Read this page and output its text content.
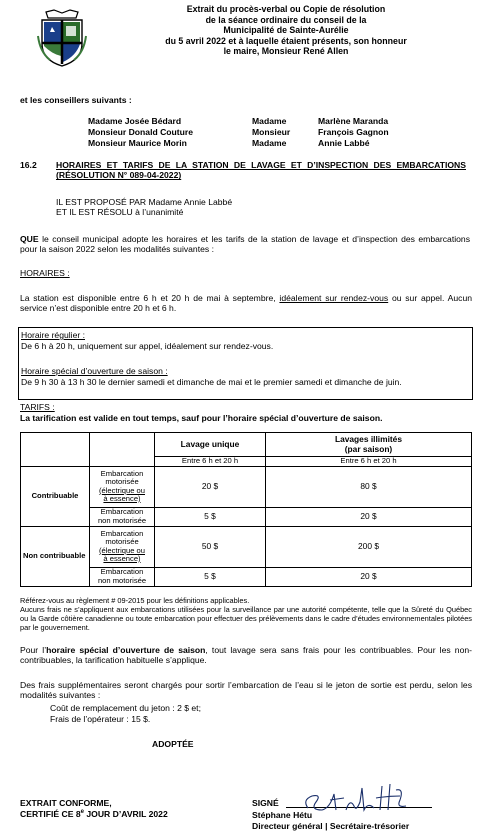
Extrait du procès-verbal ou Copie de résolution
de la séance ordinaire du conseil de la
Municipalité de Sainte-Aurélie
du 5 avril 2022 et à laquelle étaient présents, son honneur
le maire, Monsieur René Allen
et les conseillers suivants :
Madame Josée Bédard	Madame	Marlène Maranda
Monsieur Donald Couture	Monsieur	François Gagnon
Monsieur Maurice Morin	Madame	Annie Labbé
16.2 HORAIRES ET TARIFS DE LA STATION DE LAVAGE ET D’INSPECTION DES EMBARCATIONS (RÉSOLUTION N° 089-04-2022)
IL EST PROPOSÉ PAR Madame Annie Labbé
ET IL EST RÉSOLU à l’unanimité
QUE le conseil municipal adopte les horaires et les tarifs de la station de lavage et d’inspection des embarcations pour la saison 2022 selon les modalités suivantes :
HORAIRES :
La station est disponible entre 6 h et 20 h de mai à septembre, idéalement sur rendez-vous ou sur appel. Aucun service n’est disponible entre 20 h et 6 h.
Horaire régulier :
De 6 h à 20 h, uniquement sur appel, idéalement sur rendez-vous.
Horaire spécial d’ouverture de saison :
De 9 h 30 à 13 h 30 le dernier samedi et dimanche de mai et le premier samedi et dimanche de juin.
TARIFS :
La tarification est valide en tout temps, sauf pour l’horaire spécial d’ouverture de saison.
		Lavage unique	Lavages illimités
(par saison)

		Entre 6 h et 20 h	Entre 6 h et 20 h
Contribuable	Embarcation
motorisée
(électrique ou
à essence)	20 $	80 $

	Embarcation
non motorisée	5 $	20 $
Non contribuable	Embarcation
motorisée
(électrique ou
à essence)	50 $	200 $

	Embarcation
non motorisée	5 $	20 $
Référez-vous au règlement # 09-2015 pour les définitions applicables.
Aucuns frais ne s’appliquent aux embarcations utilisées pour la surveillance par une autorité compétente, telle que la Sûreté du Québec ou la Garde côtière canadienne ou toute embarcation pour effectuer des prélèvements dans le cadre d’études environnementales pilotées par le gouvernement.
Pour l’horaire spécial d’ouverture de saison, tout lavage sera sans frais pour les contribuables. Pour les non-contribuables, la tarification habituelle s’applique.
Des frais supplémentaires seront chargés pour sortir l’embarcation de l’eau si le jeton de sortie est perdu, selon les modalités suivantes :
Coût de remplacement du jeton : 2 $ et;
Frais de l’opérateur : 15 $.
ADOPTÉE
EXTRAIT CONFORME,
CERTIFIÉ CE 8e JOUR D’AVRIL 2022
SIGNÉ
Stéphane Hétu
Directeur général | Secrétaire-trésorier
